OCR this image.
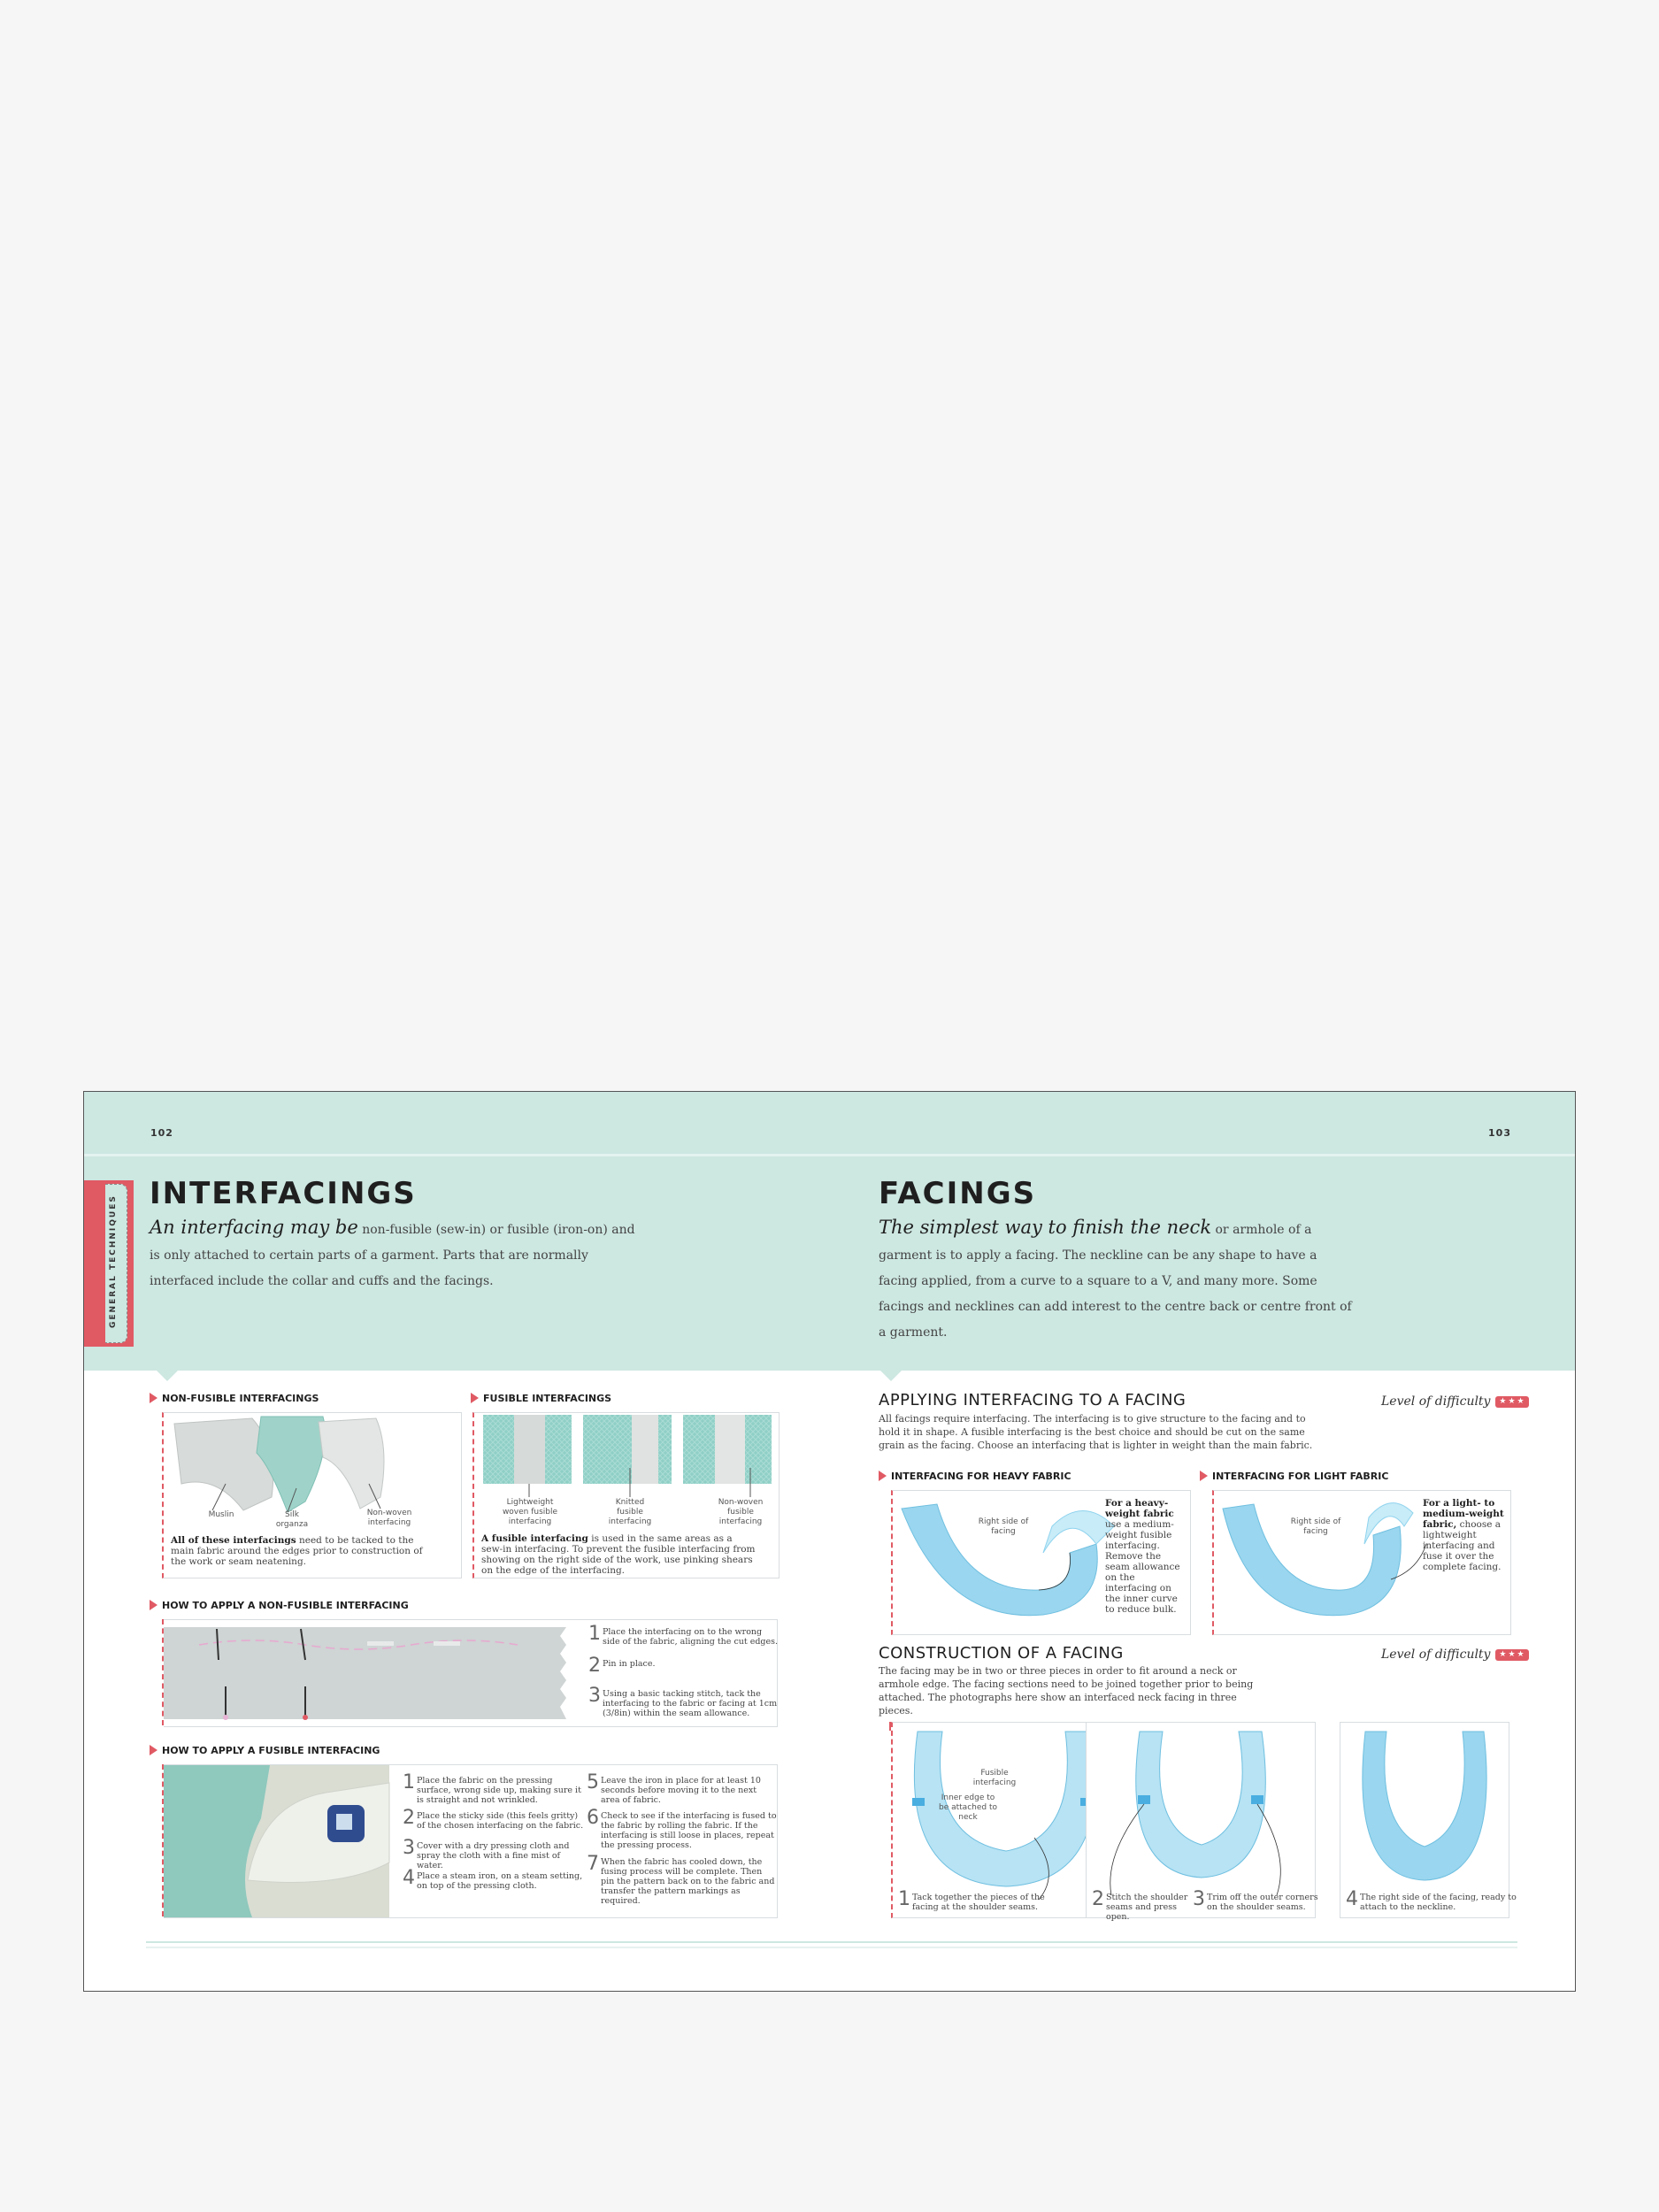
102	103
GENERAL TECHNIQUES
INTERFACINGS
An interfacing may be non-fusible (sew-in) or fusible (iron-on) and is only attached to certain parts of a garment. Parts that are normally interfaced include the collar and cuffs and the facings.
NON-FUSIBLE INTERFACINGS
Muslin	Silk organza
Non-woven interfacing
All of these interfacings need to be tacked to the main fabric around the edges prior to construction of the work or seam neatening.
FUSIBLE INTERFACINGS
Lightweight woven fusible interfacing
Knitted fusible interfacing
Non-woven fusible interfacing
A fusible interfacing is used in the same areas as a sew-in interfacing. To prevent the fusible interfacing from showing on the right side of the work, use pinking shears on the edge of the interfacing.
HOW TO APPLY A NON-FUSIBLE INTERFACING
1 Place the interfacing on to the wrong side of the fabric, aligning the cut edges.
2 Pin in place.
3 Using a basic tacking stitch, tack the interfacing to the fabric or facing at 1cm (3/8in) within the seam allowance.
HOW TO APPLY A FUSIBLE INTERFACING
1 Place the fabric on the pressing surface, wrong side up, making sure it is straight and not wrinkled.
2 Place the sticky side (this feels gritty) of the chosen interfacing on the fabric.
3 Cover with a dry pressing cloth and spray the cloth with a fine mist of water.
4 Place a steam iron, on a steam setting, on top of the pressing cloth.
5 Leave the iron in place for at least 10 seconds before moving it to the next area of fabric.
6 Check to see if the interfacing is fused to the fabric by rolling the fabric. If the interfacing is still loose in places, repeat the pressing process.
7 When the fabric has cooled down, the fusing process will be complete. Then pin the pattern back on to the fabric and transfer the pattern markings as required.
FACINGS
The simplest way to finish the neck or armhole of a garment is to apply a facing. The neckline can be any shape to have a facing applied, from a curve to a square to a V, and many more. Some facings and necklines can add interest to the centre back or centre front of a garment.
APPLYING INTERFACING TO A FACING	Level of difficulty ★★★
All facings require interfacing. The interfacing is to give structure to the facing and to hold it in shape. A fusible interfacing is the best choice and should be cut on the same grain as the facing. Choose an interfacing that is lighter in weight than the main fabric.
INTERFACING FOR HEAVY FABRIC
Right side of facing
For a heavy-weight fabric use a medium-weight fusible interfacing. Remove the seam allowance on the interfacing on the inner curve to reduce bulk.
INTERFACING FOR LIGHT FABRIC
Right side of facing
For a light- to medium-weight fabric, choose a lightweight interfacing and fuse it over the complete facing.
CONSTRUCTION OF A FACING	Level of difficulty ★★★
The facing may be in two or three pieces in order to fit around a neck or armhole edge. The facing sections need to be joined together prior to being attached. The photographs here show an interfaced neck facing in three pieces.
Fusible interfacing
Inner edge to be attached to neck
1 Tack together the pieces of the facing at the shoulder seams.	2 Stitch the shoulder seams and press open.
3 Trim off the outer corners on the shoulder seams.	4 The right side of the facing, ready to attach to the neckline.
